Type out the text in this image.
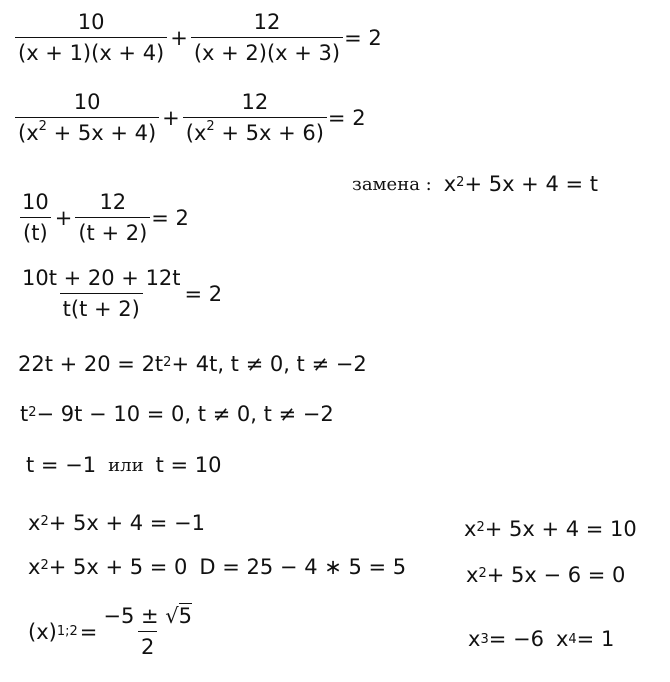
$\frac{10}{(x + 1)(x + 4)} + \frac{12}{(x + 2)(x + 3)} = 2$
$\frac{10}{(x^2 + 5x + 4)} + \frac{12}{(x^2 + 5x + 6)} = 2$
замена : $x^2 + 5x + 4 = t$
$\frac{10}{(t)} + \frac{12}{(t + 2)} = 2$
$\frac{10t + 20 + 12t}{t(t + 2)} = 2$
$22t + 20 = 2t^2 + 4t$, t ≠ 0, t ≠ −2
$t^2 - 9t - 10 = 0$, t ≠ 0, t ≠ −2
t = −1 или t = 10
$x^2 + 5x + 4 = -1$
$x^2 + 5x + 5 = 0$ D = 25 − 4 ∗ 5 = 5
(x) 1;2 = $\frac{-5 \pm √5}{2}$
$x^2 + 5x + 4 = 10$
$x^2 + 5x - 6 = 0$
x 3 = −6 x 4 = 1
